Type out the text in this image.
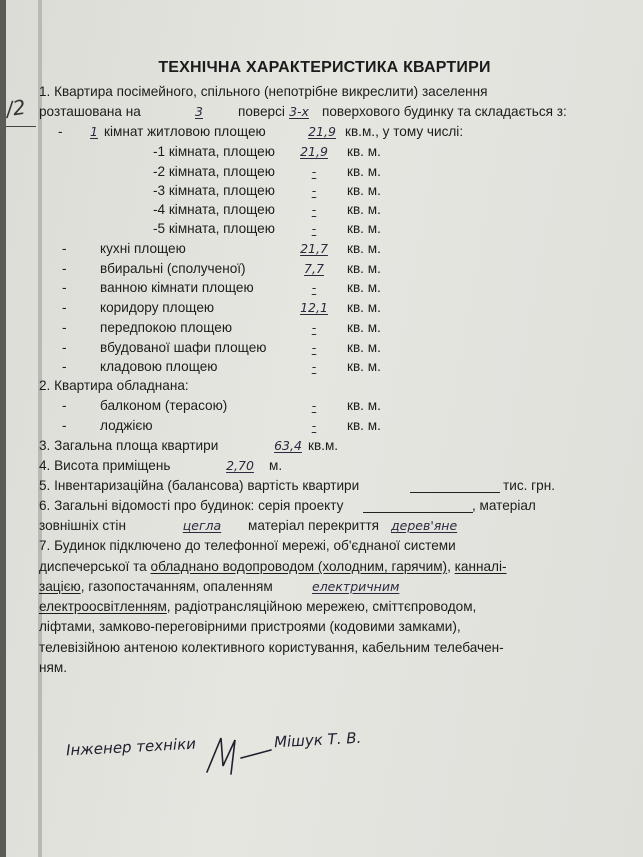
/2
ТЕХНІЧНА ХАРАКТЕРИСТИКА КВАРТИРИ
1. Квартира посімейного, спільного (непотрібне викреслити) заселення
розташована на	3	поверсі 3-х поверхового будинку та складається з:
-	1 кімнат житловою площею	21,9 кв.м., у тому числі:
-1 кімната, площею	21,9	кв. м.
-2 кімната, площею	-	кв. м.
-3 кімната, площею	-	кв. м.
-4 кімната, площею	-	кв. м.
-5 кімната, площею	-	кв. м.
- кухні площею	21,7	кв. м.
- вбиральні (сполученої)	7,7	кв. м.
- ванною кімнати площею	-	кв. м.
- коридору площею	12,1	кв. м.
- передпокою площею	-	кв. м.
- вбудованої шафи площею	-	кв. м.
- кладовою площею	-	кв. м.
2. Квартира обладнана:
- балконом (терасою)	-	кв. м.
- лоджією	-	кв. м.
3. Загальна площа квартири	63,4 кв.м.
4. Висота приміщень	2,70	м.
5. Інвентаризаційна (балансова) вартість квартири	тис. грн.
6. Загальні відомості про будинок: серія проекту	, матеріал
зовнішніх стін	цегла	матеріал перекриття дерев'яне
7. Будинок підключено до телефонної мережі, об'єднаної системи
диспечерської та обладнано водопроводом (холодним, гарячим), канналі-
зацією, газопостачанням, опаленням	електричним
електроосвітленням, радіотрансляційною мережею, сміттєпроводом,
ліфтами, замково-переговірними пристроями (кодовими замками),
телевізійною антеною колективного користування, кабельним телебачен-
ням.
Інженер техніки	Мішук Т. В.
